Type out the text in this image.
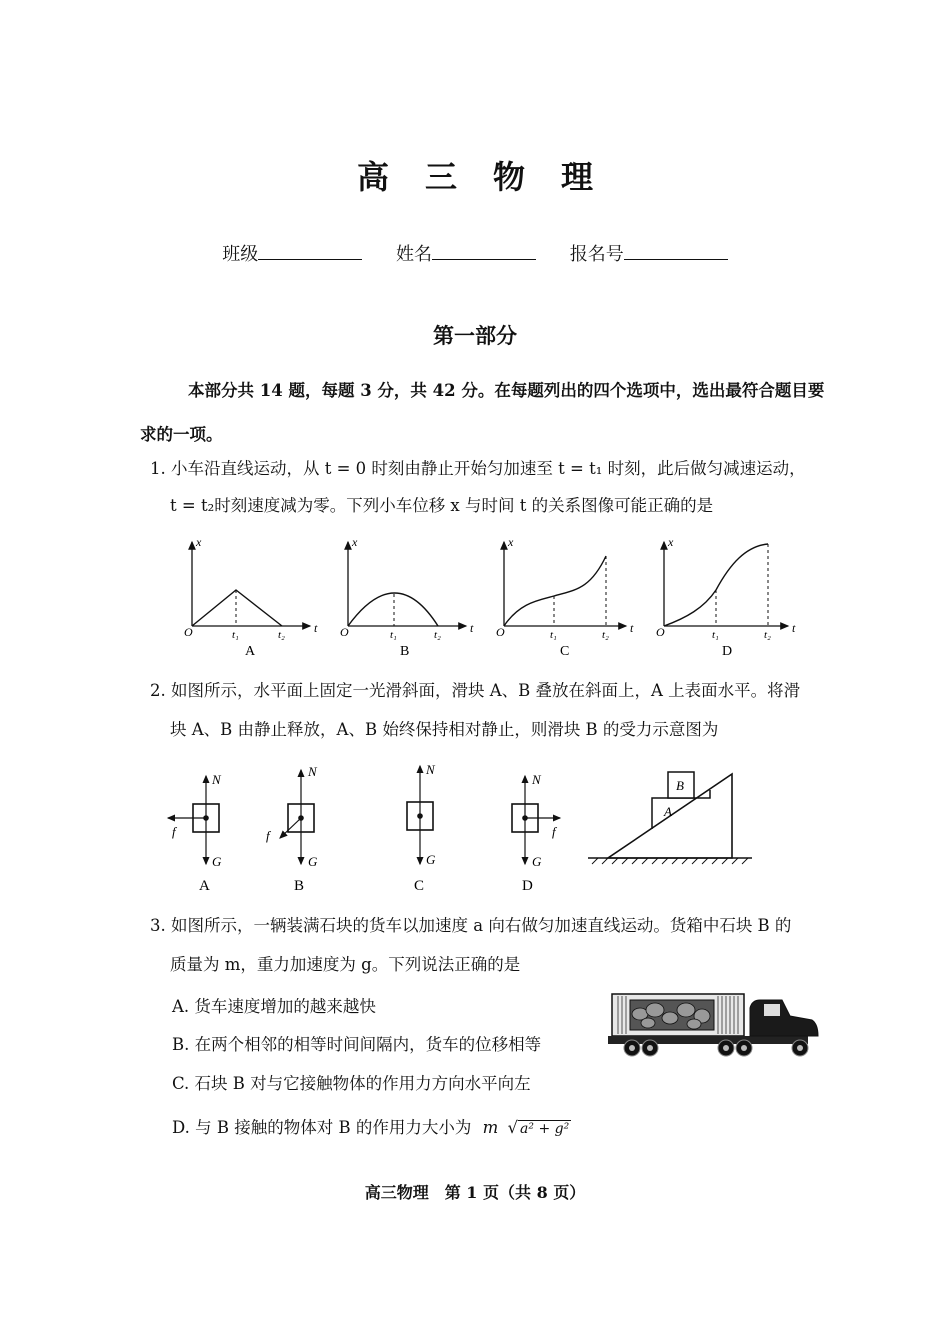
高 三 物 理
班级	姓名	报名号
第一部分
本部分共 14 题，每题 3 分，共 42 分。在每题列出的四个选项中，选出最符合题目要
求的一项。
1. 小车沿直线运动，从 t = 0 时刻由静止开始匀加速至 t = t₁ 时刻，此后做匀减速运动，
t = t₂时刻速度减为零。下列小车位移 x 与时间 t 的关系图像可能正确的是
x
O	t₁	t₂ t
A
x
O	t₁	t₂ t
B
x
O	t₁	t₂ t
C
x
O	t₁	t₂ t
D
2. 如图所示，水平面上固定一光滑斜面，滑块 A、B 叠放在斜面上，A 上表面水平。将滑
块 A、B 由静止释放，A、B 始终保持相对静止，则滑块 B 的受力示意图为
N
G
f
A
N
G
f
B
N
G
C
N
G
f
D
B
A
3. 如图所示，一辆装满石块的货车以加速度 a 向右做匀加速直线运动。货箱中石块 B 的
质量为 m，重力加速度为 g。下列说法正确的是
A. 货车速度增加的越来越快
B. 在两个相邻的相等时间间隔内，货车的位移相等
C. 石块 B 对与它接触物体的作用力方向水平向左
D. 与 B 接触的物体对 B 的作用力大小为 m √ a² + g²
高三物理　第 1 页（共 8 页）
